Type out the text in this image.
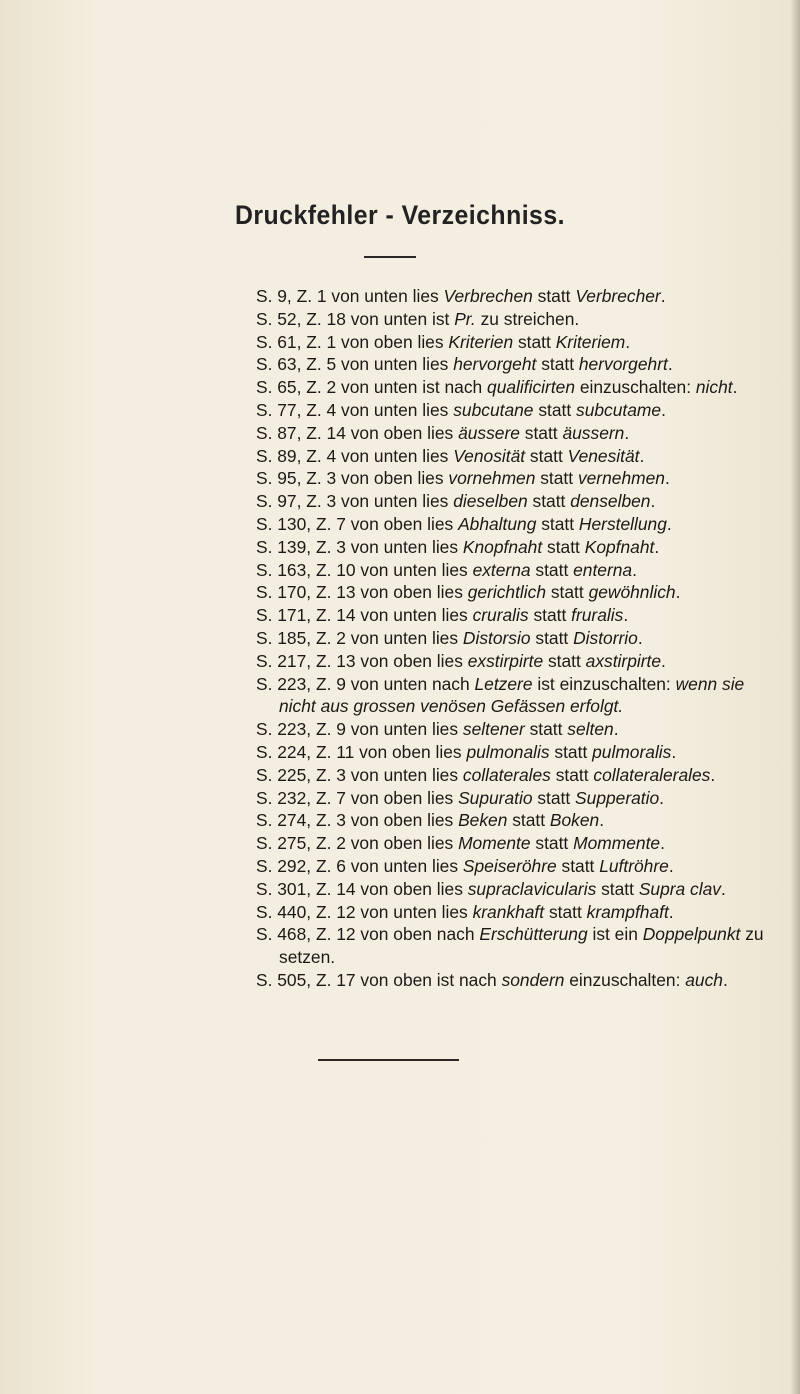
Druckfehler - Verzeichniss.
S. 9, Z. 1 von unten lies Verbrechen statt Verbrecher.
S. 52, Z. 18 von unten ist Pr. zu streichen.
S. 61, Z. 1 von oben lies Kriterien statt Kriteriem.
S. 63, Z. 5 von unten lies hervorgeht statt hervorgehrt.
S. 65, Z. 2 von unten ist nach qualificirten einzuschalten: nicht.
S. 77, Z. 4 von unten lies subcutane statt subcutame.
S. 87, Z. 14 von oben lies äussere statt äussern.
S. 89, Z. 4 von unten lies Venosität statt Venesität.
S. 95, Z. 3 von oben lies vornehmen statt vernehmen.
S. 97, Z. 3 von unten lies dieselben statt denselben.
S. 130, Z. 7 von oben lies Abhaltung statt Herstellung.
S. 139, Z. 3 von unten lies Knopfnaht statt Kopfnaht.
S. 163, Z. 10 von unten lies externa statt enterna.
S. 170, Z. 13 von oben lies gerichtlich statt gewöhnlich.
S. 171, Z. 14 von unten lies cruralis statt fruralis.
S. 185, Z. 2 von unten lies Distorsio statt Distorrio.
S. 217, Z. 13 von oben lies exstirpirte statt axstirpirte.
S. 223, Z. 9 von unten nach Letzere ist einzuschalten: wenn sie
nicht aus grossen venösen Gefässen erfolgt.
S. 223, Z. 9 von unten lies seltener statt selten.
S. 224, Z. 11 von oben lies pulmonalis statt pulmoralis.
S. 225, Z. 3 von unten lies collaterales statt collateralerales.
S. 232, Z. 7 von oben lies Supuratio statt Supperatio.
S. 274, Z. 3 von oben lies Beken statt Boken.
S. 275, Z. 2 von oben lies Momente statt Mommente.
S. 292, Z. 6 von unten lies Speiseröhre statt Luftröhre.
S. 301, Z. 14 von oben lies supraclavicularis statt Supra clav.
S. 440, Z. 12 von unten lies krankhaft statt krampfhaft.
S. 468, Z. 12 von oben nach Erschütterung ist ein Doppelpunkt zu
setzen.
S. 505, Z. 17 von oben ist nach sondern einzuschalten: auch.
